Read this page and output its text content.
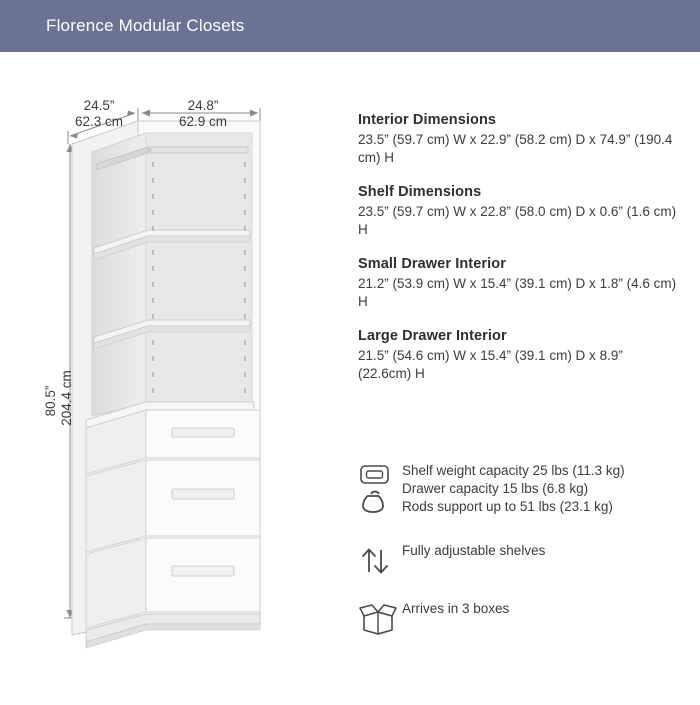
Florence Modular Closets
24.5”
62.3 cm
24.8”
62.9 cm
80.5” 204.4 cm

Interior Dimensions

23.5” (59.7 cm) W x 22.9” (58.2 cm) D x 74.9” (190.4 cm) H

Shelf Dimensions

23.5” (59.7 cm) W x 22.8” (58.0 cm) D x 0.6” (1.6 cm) H

Small Drawer Interior

21.2” (53.9 cm) W x 15.4” (39.1 cm) D x 1.8” (4.6 cm) H

Large Drawer Interior

21.5” (54.6 cm) W x 15.4” (39.1 cm) D x 8.9” (22.6cm) H

Shelf weight capacity 25 lbs (11.3 kg)
Drawer capacity 15 lbs (6.8 kg)
Rods support up to 51 lbs (23.1 kg)
Fully adjustable shelves
Arrives in 3 boxes
